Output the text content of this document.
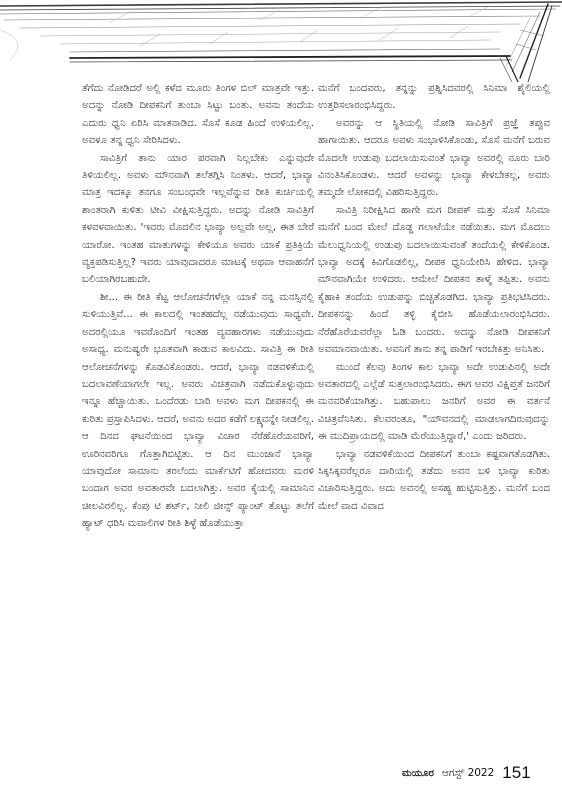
ತೆಗೆದು ನೋಡಿದರೆ ಅಲ್ಲಿ ಕಳೆದ ಮೂರು ತಿಂಗಳ ಬಿಲ್ ಮಾತ್ರವೇ ಇತ್ತು. ಅದನ್ನು ನೋಡಿ ದೀಪಕನಿಗೆ ತುಂಬಾ ಸಿಟ್ಟು ಬಂತು. ಅವನು ತಂದೆಯ ಎದುರು ಧ್ವನಿ ಏರಿಸಿ ಮಾತನಾಡಿದ. ಸೊಸೆ ಕೂಡ ಹಿಂದೆ ಉಳಿಯಲಿಲ್ಲ. ಅವಳೂ ತನ್ನ ಧ್ವನಿ ಸೇರಿಸಿದಳು.

ಸಾವಿತ್ರಿಗೆ ತಾನು ಯಾರ ಪರವಾಗಿ ನಿಲ್ಲಬೇಕು ಎನ್ನುವುದೇ ತಿಳಿಯಲಿಲ್ಲ. ಅವಳು ಮೌನವಾಗಿ ತಲೆತಗ್ಗಿಸಿ ನಿಂತಳು. ಆದರೆ, ಭಾವ್ಯಾ ಮಾತ್ರ ಇದಕ್ಕೂ ತನಗೂ ಸಂಬಂಧವೇ ಇಲ್ಲವೆನ್ನುವ ರೀತಿ ಕುರ್ಚಿಯಲ್ಲಿ ಶಾಂತರಾಗಿ ಕುಳಿತು ಟೀವಿ ವೀಕ್ಷಿಸುತ್ತಿದ್ದರು. ಅದನ್ನು ನೋಡಿ ಸಾವಿತ್ರಿಗೆ ಕಳವಳವಾಯಿತು. 'ಇವರು ಮೊದಲಿನ ಭಾವ್ಯಾ ಅಲ್ಲವೇ ಅಲ್ಲ, ಈತ ಬೇರೆ ಯಾರೋ. ಇಂತಹ ಮಾತುಗಳನ್ನು ಕೇಳಿಯೂ ಅವರು ಯಾಕೆ ಪ್ರತಿಕ್ರಿಯೆ ವ್ಯಕ್ತಪಡಿಸುತ್ತಿಲ್ಲ? ಇವರು ಯಾವುದಾದರೂ ಮಾಟಕ್ಕೆ ಅಥವಾ ಆವಾಹನೆಗೆ ಬಲಿಯಾಗಿರಬಹುದೇ.

ಶೀ... ಈ ರೀತಿ ಕೆಟ್ಟ ಆಲೋಚನೆಗಳೆಲ್ಲಾ ಯಾಕೆ ನನ್ನ ಮನಸ್ಸಿನಲ್ಲಿ ಸುಳಿಯುತ್ತಿವೆ... ಈ ಕಾಲದಲ್ಲಿ ಇಂತಹದೆಲ್ಲ ನಡೆಯುವುದು ಸಾಧ್ಯವೇ. ಅದರಲ್ಲಿಯೂ ಇವರೊಂದಿಗೆ ಇಂತಹ ವ್ಯವಹಾರಗಳು ನಡೆಯುವುದು ಅಸಾಧ್ಯ. ಮನುಷ್ಯರೇ ಭೂತವಾಗಿ ಕಾಡುವ ಕಾಲವಿದು. ಸಾವಿತ್ರಿ ಈ ರೀತಿ ಆಲೋಚನೆಗಳನ್ನು ಕೊಡವಿಕೊಂಡರು. ಆದರೆ, ಭಾವ್ಯಾ ನಡವಳಿಕೆಯಲ್ಲಿ ಬದಲಾವಣೆಯಾಗಲೇ ಇಲ್ಲ. ಅವರು ವಿಚಿತ್ರವಾಗಿ ನಡೆದುಕೊಳ್ಳುವುದು ಇನ್ನೂ ಹೆಚ್ಚಾಯಿತು. ಒಂದೆರಡು ಬಾರಿ ಅವಳು ಮಗ ದೀಪಕನಲ್ಲಿ ಈ ಕುರಿತು ಪ್ರಸ್ತಾಪಿಸಿದಳು. ಆದರೆ, ಅವನು ಅದರ ಕಡೆಗೆ ಲಕ್ಷ್ಯವನ್ನೇ ನೀಡಲಿಲ್ಲ. ಆ ದಿನದ ಘಟನೆಯಿಂದ ಭಾವ್ಯಾ ವಿಚಾರ ನೆರೆಹೊರೆಯವರಿಗೆ, ಊರಿನವರಿಗೂ ಗೊತ್ತಾಗಿಬಿಟ್ಟಿತು. ಆ ದಿನ ಮುಂಜಾನೆ ಭಾವ್ಯಾ ಯಾವುದೋ ಸಾಮಾನು ತರಲೆಂದು ಮಾರ್ಕೆಟಿಗೆ ಹೋದವರು ಮರಳಿ ಬಂದಾಗ ಅವರ ಅವತಾರವೇ ಬದಲಾಗಿತ್ತು. ಅವರ ಕೈಯಲ್ಲಿ ಸಾಮಾನಿನ ಚೀಲವಿರಲಿಲ್ಲ. ಕೆಂಪು ಟಿ ಶರ್ಟ್, ನೀಲಿ ಜೀನ್ಸ್ ಪ್ಯಾಂಟ್ ತೊಟ್ಟು ತಲೆಗೆ ಹ್ಯಾಟ್ ಧರಿಸಿ ಮವಾಲಿಗಳ ರೀತಿ ಶಿಳ್ಳೆ ಹೊಡೆಯುತ್ತಾ

ಮನೆಗೆ ಬಂದವರು, ತನ್ನನ್ನು ಪ್ರಶ್ನಿಸಿದವರಲ್ಲಿ ಸಿನಿಮಾ ಶೈಲಿಯಲ್ಲಿ ಉತ್ತರಿಸಲಾರಂಭಿಸಿದ್ದರು.

ಅವರನ್ನು ಆ ಸ್ಥಿತಿಯಲ್ಲಿ ನೋಡಿ ಸಾವಿತ್ರಿಗೆ ಪ್ರಜ್ಞೆ ತಪ್ಪುವ ಹಾಗಾಯಿತು. ಆದರೂ ಅವಳು ಸಂಭಾಳಿಸಿಕೊಂಡು, ಸೊಸೆ ಮನೆಗೆ ಬರುವ ಮೊದಲೇ ಉಡುಪು ಬದಲಾಯಿಸುವಂತೆ ಭಾವ್ಯಾ ಅವರಲ್ಲಿ ನೂರು ಬಾರಿ ವಿನಂತಿಸಿಕೊಂಡಳು. ಆದರೆ ಅವಳನ್ನು ಭಾವ್ಯಾ ಕೇಳಬೇಕಲ್ಲ, ಅವರು ತಮ್ಮದೇ ಲೋಕದಲ್ಲಿ ವಿಹರಿಸುತ್ತಿದ್ದರು.

ಸಾವಿತ್ರಿ ನಿರೀಕ್ಷಿಸಿದ ಹಾಗೇ ಮಗ ದೀಪಕ್ ಮತ್ತು ಸೊಸೆ ಸಿನಿಮಾ ಮನೆಗೆ ಬಂದ ಮೇಲೆ ದೊಡ್ಡ ಗಲಾಟೆಯೇ ನಡೆಯಿತು. ಮಗ ಮೊದಲು ಮೆಲುಧ್ವನಿಯಲ್ಲಿ ಉಡುಪು ಬದಲಾಯಿಸುವಂತೆ ತಂದೆಯಲ್ಲಿ ಕೇಳಿಕೊಂಡ. ಭಾವ್ಯಾ ಅದಕ್ಕೆ ಕಿವಿಗೊಡಲಿಲ್ಲ, ದೀಪಕ ಧ್ವನಿಯೇರಿಸಿ ಹೇಳಿದ. ಭಾವ್ಯಾ ಮೌನವಾಗಿಯೇ ಉಳಿದರು. ಆಮೇಲೆ ದೀಪಕನ ತಾಳ್ಮೆ ತಪ್ಪಿತು. ಅವನು ಕೈಹಾಕಿ ತಂದೆಯ ಉಡುಪನ್ನು ಬಿಚ್ಚತೊಡಗಿದ. ಭಾವ್ಯಾ ಪ್ರತಿಭಟಿಸಿದರು. ದೀಪಕನನ್ನು ಹಿಂದೆ ತಳ್ಳಿ ಕೈಬೀಸಿ ಹೊಡೆಯಲಾರಂಭಿಸಿದರು. ನೆರೆಹೊರೆಯವರೆಲ್ಲಾ ಓಡಿ ಬಂದರು. ಅದನ್ನು ನೋಡಿ ದೀಪಕನಿಗೆ ಅವಮಾನವಾಯಿತು. ಅವನಿಗೆ ತಾನು ತನ್ನ ಪಾಡಿಗೆ ಇರಬೇಕಿತ್ತು ಅನಿಸಿತು.

ಮುಂದೆ ಕೆಲವು ತಿಂಗಳ ಕಾಲ ಭಾವ್ಯಾ ಅದೇ ಉಡುಪಿನಲ್ಲಿ ಅದೇ ಅವತಾರದಲ್ಲಿ ಎಲ್ಲೆಡೆ ಸುತ್ತಲಾರಂಭಿಸಿದರು. ಈಗ ಅವರ ವಿಕ್ಷಿಪ್ತತೆ ಜನರಿಗೆ ಮನವರಿಕೆಯಾಗಿತ್ತು. ಬಹುಪಾಲು ಜನರಿಗೆ ಅವರ ಈ ವರ್ತನೆ ವಿಚಿತ್ರವೆನಿಸಿತು. ಕೆಲವರಂತೂ, "ಯೌವನದಲ್ಲಿ ಮಾಡಲಾಗದಿರುವುದನ್ನು ಈ ಮುದಿಪ್ರಾಯದಲ್ಲಿ ಮಾಡಿ ಮೆರೆಯುತ್ತಿದ್ದಾರೆ,' ಎಂದು ಜರಿದರು.

ಭಾವ್ಯಾ ನಡವಳಿಕೆಯಿಂದ ದೀಪಕನಿಗೆ ತುಂಬಾ ಕಷ್ಟವಾಗತೊಡಗಿತು. ಸಿಕ್ಕಸಿಕ್ಕವರೆಲ್ಲರೂ ದಾರಿಯಲ್ಲಿ ತಡೆದು ಅವನ ಬಳಿ ಭಾವ್ಯಾ ಕುರಿತು ವಿಚಾರಿಸುತ್ತಿದ್ದರು. ಅದು ಅವನಲ್ಲಿ ಅಸಹ್ಯ ಹುಟ್ಟಿಸುತ್ತಿತ್ತು. ಮನೆಗೆ ಬಂದ ಮೇಲೆ ವಾದ ವಿವಾದ

ಮಯೂರ ಆಗಸ್ಟ್ 2022 151
